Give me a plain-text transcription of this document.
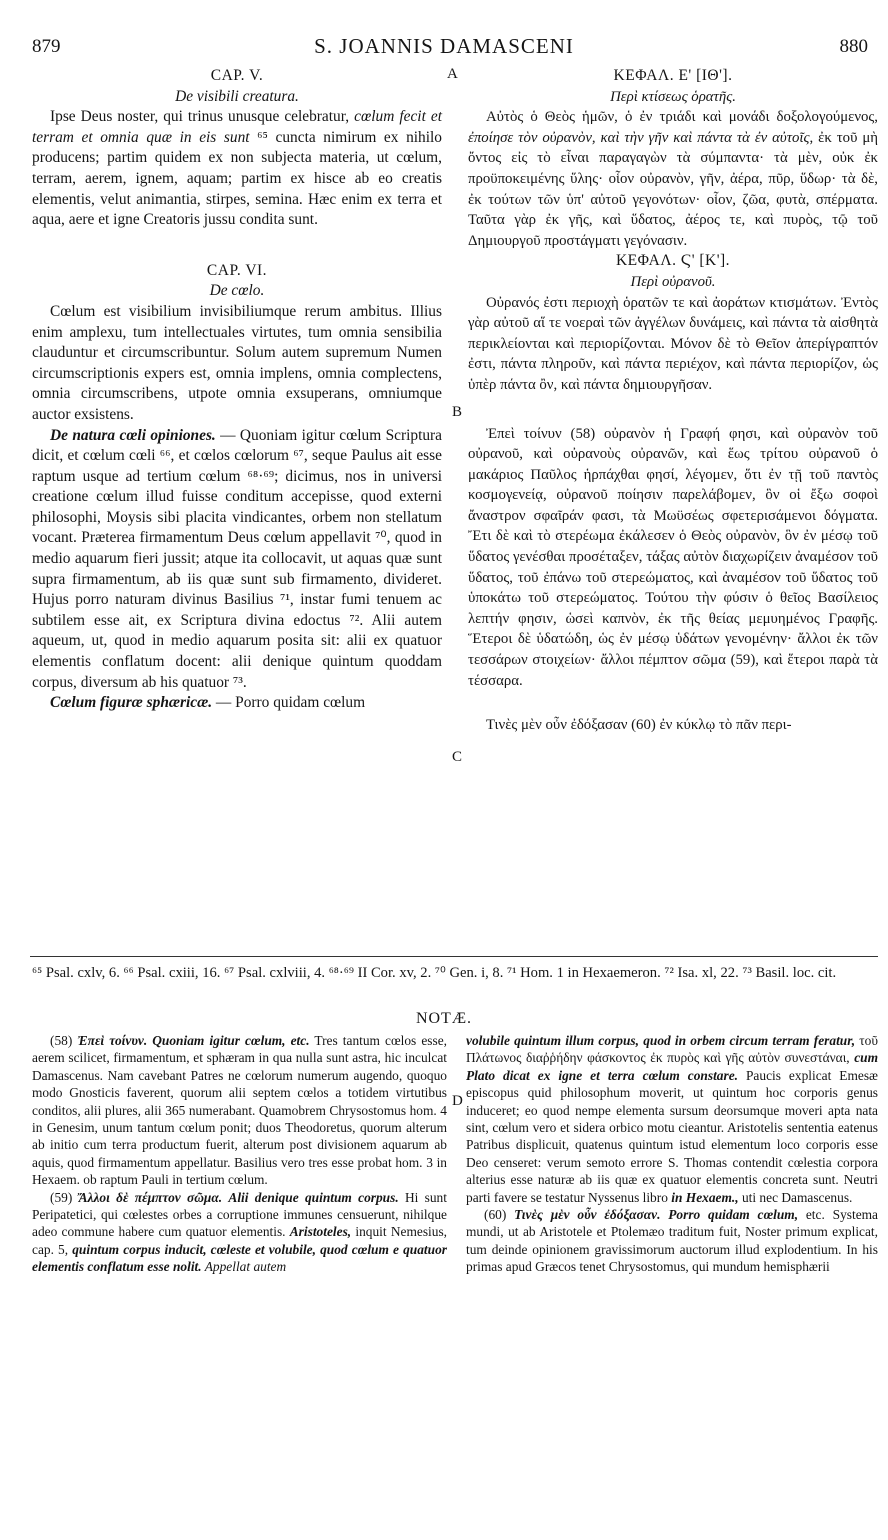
879	S. JOANNIS DAMASCENI	880
A
B
C
D

CAP. V.

De visibili creatura.

Ipse Deus noster, qui trinus unusque celebratur, cœlum fecit et terram et omnia quæ in eis sunt ⁶⁵ cuncta nimirum ex nihilo producens; partim quidem ex non subjecta materia, ut cœlum, terram, aerem, ignem, aquam; partim ex hisce ab eo creatis elementis, velut animantia, stirpes, semina. Hæc enim ex terra et aqua, aere et igne Creatoris jussu condita sunt.

CAP. VI.

De cœlo.

Cœlum est visibilium invisibiliumque rerum ambitus. Illius enim amplexu, tum intellectuales virtutes, tum omnia sensibilia clauduntur et circumscribuntur. Solum autem supremum Numen circumscriptionis expers est, omnia implens, omnia complectens, omnia circumscribens, utpote omnia exsuperans, omniumque auctor exsistens.

De natura cœli opiniones. — Quoniam igitur cœlum Scriptura dicit, et cœlum cœli ⁶⁶, et cœlos cœlorum ⁶⁷, seque Paulus ait esse raptum usque ad tertium cœlum ⁶⁸·⁶⁹; dicimus, nos in universi creatione cœlum illud fuisse conditum accepisse, quod externi philosophi, Moysis sibi placita vindicantes, orbem non stellatum vocant. Præterea firmamentum Deus cœlum appellavit ⁷⁰, quod in medio aquarum fieri jussit; atque ita collocavit, ut aquas quæ sunt supra firmamentum, ab iis quæ sunt sub firmamento, divideret. Hujus porro naturam divinus Basilius ⁷¹, instar fumi tenuem ac subtilem esse ait, ex Scriptura divina edoctus ⁷². Alii autem aqueum, ut, quod in medio aquarum posita sit: alii ex quatuor elementis conflatum docent: alii denique quintum quoddam corpus, diversum ab his quatuor ⁷³.

Cœlum figuræ sphæricæ. — Porro quidam cœlum

ΚΕΦΑΛ. Ε' [ΙΘ'].

Περὶ κτίσεως ὁρατῆς.

Αὐτὸς ὁ Θεὸς ἡμῶν, ὁ ἐν τριάδι καὶ μονάδι δοξολογούμενος, ἐποίησε τὸν οὐρανὸν, καὶ τὴν γῆν καὶ πάντα τὰ ἐν αὐτοῖς, ἐκ τοῦ μὴ ὄντος εἰς τὸ εἶναι παραγαγὼν τὰ σύμπαντα· τὰ μὲν, οὐκ ἐκ προϋποκειμένης ὕλης· οἷον οὐρανὸν, γῆν, ἀέρα, πῦρ, ὕδωρ· τὰ δὲ, ἐκ τούτων τῶν ὑπ' αὐτοῦ γεγονότων· οἷον, ζῶα, φυτὰ, σπέρματα. Ταῦτα γὰρ ἐκ γῆς, καὶ ὕδατος, ἀέρος τε, καὶ πυρὸς, τῷ τοῦ Δημιουργοῦ προστάγματι γεγόνασιν.

ΚΕΦΑΛ. Ϛ' [Κ'].

Περὶ οὐρανοῦ.

Οὐρανός ἐστι περιοχὴ ὁρατῶν τε καὶ ἀοράτων κτισμάτων. Ἐντὸς γὰρ αὐτοῦ αἵ τε νοεραὶ τῶν ἀγγέλων δυνάμεις, καὶ πάντα τὰ αἰσθητὰ περικλείονται καὶ περιορίζονται. Μόνον δὲ τὸ Θεῖον ἀπερίγραπτόν ἐστι, πάντα πληροῦν, καὶ πάντα περιέχον, καὶ πάντα περιορίζον, ὡς ὑπὲρ πάντα ὂν, καὶ πάντα δημιουργῆσαν.

Ἐπεὶ τοίνυν (58) οὐρανὸν ἡ Γραφή φησι, καὶ οὐρανὸν τοῦ οὐρανοῦ, καὶ οὐρανοὺς οὐρανῶν, καὶ ἕως τρίτου οὐρανοῦ ὁ μακάριος Παῦλος ἡρπάχθαι φησί, λέγομεν, ὅτι ἐν τῇ τοῦ παντὸς κοσμογενείᾳ, οὐρανοῦ ποίησιν παρελάβομεν, ὃν οἱ ἔξω σοφοὶ ἄναστρον σφαῖράν φασι, τὰ Μωϋσέως σφετερισάμενοι δόγματα. Ἔτι δὲ καὶ τὸ στερέωμα ἐκάλεσεν ὁ Θεὸς οὐρανὸν, ὃν ἐν μέσῳ τοῦ ὕδατος γενέσθαι προσέταξεν, τάξας αὐτὸν διαχωρίζειν ἀναμέσον τοῦ ὕδατος, τοῦ ἐπάνω τοῦ στερεώματος, καὶ ἀναμέσον τοῦ ὕδατος τοῦ ὑποκάτω τοῦ στερεώματος. Τούτου τὴν φύσιν ὁ θεῖος Βασίλειος λεπτήν φησιν, ὡσεὶ καπνὸν, ἐκ τῆς θείας μεμυημένος Γραφῆς. Ἕτεροι δὲ ὑδατώδη, ὡς ἐν μέσῳ ὑδάτων γενομένην· ἄλλοι ἐκ τῶν τεσσάρων στοιχείων· ἄλλοι πέμπτον σῶμα (59), καὶ ἕτεροι παρὰ τὰ τέσσαρα.

Τινὲς μὲν οὖν ἐδόξασαν (60) ἐν κύκλῳ τὸ πᾶν περι-

⁶⁵ Psal. cxlv, 6. ⁶⁶ Psal. cxiii, 16. ⁶⁷ Psal. cxlviii, 4. ⁶⁸·⁶⁹ II Cor. xv, 2. ⁷⁰ Gen. i, 8. ⁷¹ Hom. 1 in Hexaemeron. ⁷² Isa. xl, 22. ⁷³ Basil. loc. cit.
NOTÆ.

(58) Ἐπεὶ τοίνυν. Quoniam igitur cœlum, etc. Tres tantum cœlos esse, aerem scilicet, firmamentum, et sphæram in qua nulla sunt astra, hic inculcat Damascenus. Nam cavebant Patres ne cœlorum numerum augendo, quoquo modo Gnosticis faverent, quorum alii septem cœlos a totidem virtutibus conditos, alii plures, alii 365 numerabant. Quamobrem Chrysostomus hom. 4 in Genesim, unum tantum cœlum ponit; duos Theodoretus, quorum alterum ab initio cum terra productum fuerit, alterum post divisionem aquarum ab aquis, quod firmamentum appellatur. Basilius vero tres esse probat hom. 3 in Hexaem. ob raptum Pauli in tertium cœlum.

(59) Ἄλλοι δὲ πέμπτον σῶμα. Alii denique quintum corpus. Hi sunt Peripatetici, qui cœlestes orbes a corruptione immunes censuerunt, nihilque adeo commune habere cum quatuor elementis. Aristoteles, inquit Nemesius, cap. 5, quintum corpus inducit, cœleste et volubile, quod cœlum e quatuor elementis conflatum esse nolit. Appellat autem

volubile quintum illum corpus, quod in orbem circum terram feratur, τοῦ Πλάτωνος διαῤῥήδην φάσκοντος ἐκ πυρὸς καὶ γῆς αὐτὸν συνεστάναι, cum Plato dicat ex igne et terra cœlum constare. Paucis explicat Emesæ episcopus quid philosophum moverit, ut quintum hoc corporis genus induceret; eo quod nempe elementa sursum deorsumque moveri apta nata sint, cœlum vero et sidera orbico motu cieantur. Aristotelis sententia eatenus Patribus displicuit, quatenus quintum istud elementum loco corporis esse Deo censeret: verum semoto errore S. Thomas contendit cœlestia corpora alterius esse naturæ ab iis quæ ex quatuor elementis concreta sunt. Neutri parti favere se testatur Nyssenus libro in Hexaem., uti nec Damascenus.

(60) Τινὲς μὲν οὖν ἐδόξασαν. Porro quidam cœlum, etc. Systema mundi, ut ab Aristotele et Ptolemæo traditum fuit, Noster primum explicat, tum deinde opinionem gravissimorum auctorum illud explodentium. In his primas apud Græcos tenet Chrysostomus, qui mundum hemisphærii
